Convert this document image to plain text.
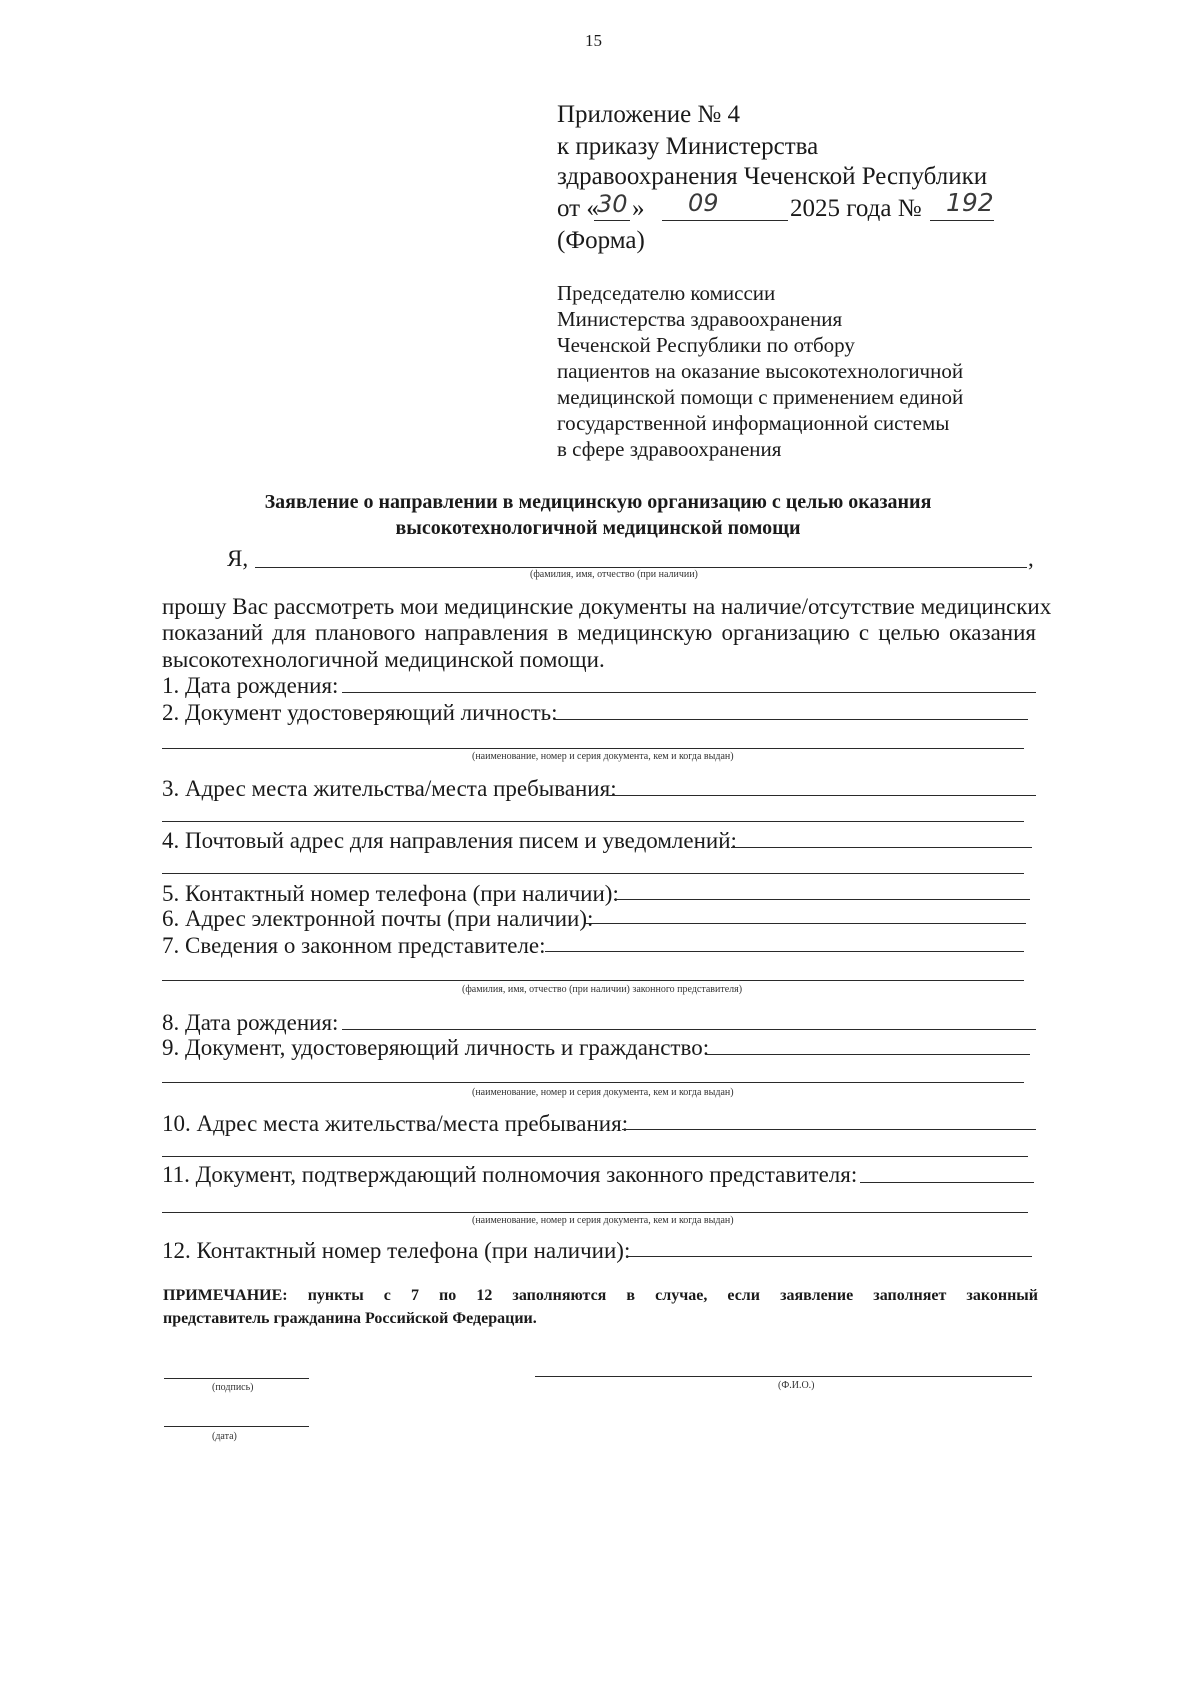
15
Приложение № 4
к приказу Министерства
здравоохранения Чеченской Республики
от «
30 » 09	2025 года № 192
(Форма)
Председателю комиссии
Министерства здравоохранения
Чеченской Республики по отбору
пациентов на оказание высокотехнологичной
медицинской помощи с применением единой
государственной информационной системы
в сфере здравоохранения
Заявление о направлении в медицинскую организацию с целью оказания
высокотехнологичной медицинской помощи
Я,	,
(фамилия, имя, отчество (при наличии)
прошу Вас рассмотреть мои медицинские документы на наличие/отсутствие медицинских
показаний для планового направления в медицинскую организацию с целью оказания
высокотехнологичной медицинской помощи.
1. Дата рождения:
2. Документ удостоверяющий личность:
(наименование, номер и серия документа, кем и когда выдан)
3. Адрес места жительства/места пребывания:
4. Почтовый адрес для направления писем и уведомлений:
5. Контактный номер телефона (при наличии):
6. Адрес электронной почты (при наличии):
7. Сведения о законном представителе:
(фамилия, имя, отчество (при наличии) законного представителя)
8. Дата рождения:
9. Документ, удостоверяющий личность и гражданство:
(наименование, номер и серия документа, кем и когда выдан)
10. Адрес места жительства/места пребывания:
11. Документ, подтверждающий полномочия законного представителя:
(наименование, номер и серия документа, кем и когда выдан)
12. Контактный номер телефона (при наличии):
ПРИМЕЧАНИЕ: пункты с 7 по 12 заполняются в случае, если заявление заполняет законный
представитель гражданина Российской Федерации.
(подпись)	(Ф.И.О.)
(дата)
